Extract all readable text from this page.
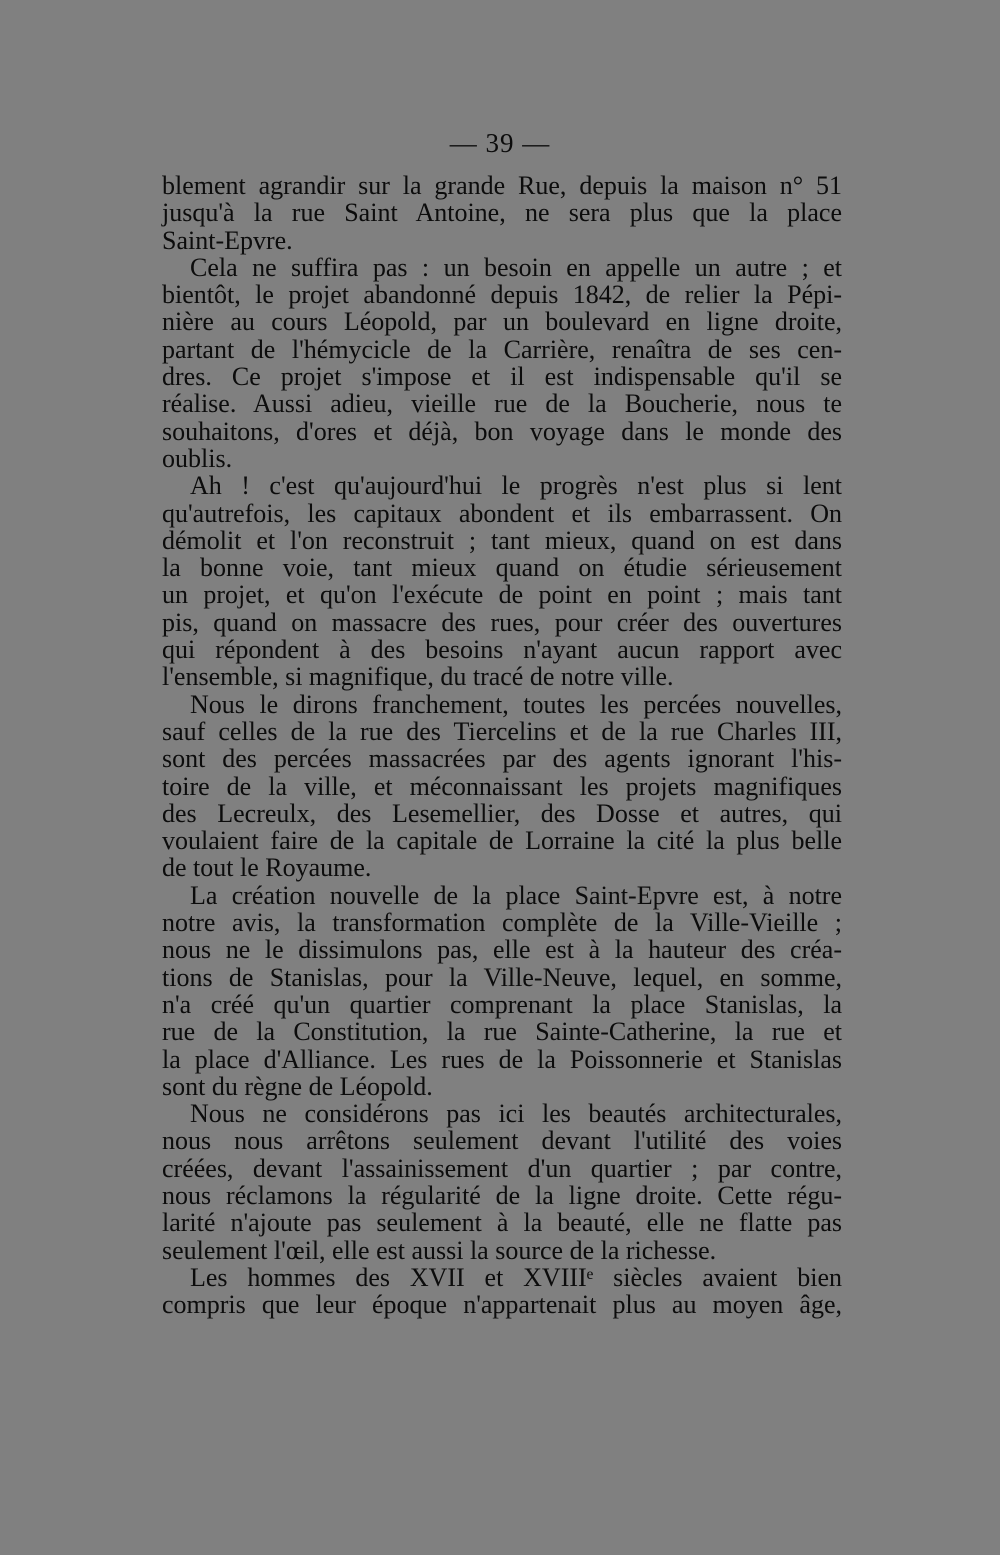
— 39 —
blement agrandir sur la grande Rue, depuis la maison n° 51
jusqu'à la rue Saint Antoine, ne sera plus que la place
Saint-Epvre.
Cela ne suffira pas : un besoin en appelle un autre ; et
bientôt, le projet abandonné depuis 1842, de relier la Pépi-
nière au cours Léopold, par un boulevard en ligne droite,
partant de l'hémycicle de la Carrière, renaîtra de ses cen-
dres. Ce projet s'impose et il est indispensable qu'il se
réalise. Aussi adieu, vieille rue de la Boucherie, nous te
souhaitons, d'ores et déjà, bon voyage dans le monde des
oublis.
Ah ! c'est qu'aujourd'hui le progrès n'est plus si lent
qu'autrefois, les capitaux abondent et ils embarrassent. On
démolit et l'on reconstruit ; tant mieux, quand on est dans
la bonne voie, tant mieux quand on étudie sérieusement
un projet, et qu'on l'exécute de point en point ; mais tant
pis, quand on massacre des rues, pour créer des ouvertures
qui répondent à des besoins n'ayant aucun rapport avec
l'ensemble, si magnifique, du tracé de notre ville.
Nous le dirons franchement, toutes les percées nouvelles,
sauf celles de la rue des Tiercelins et de la rue Charles III,
sont des percées massacrées par des agents ignorant l'his-
toire de la ville, et méconnaissant les projets magnifiques
des Lecreulx, des Lesemellier, des Dosse et autres, qui
voulaient faire de la capitale de Lorraine la cité la plus belle
de tout le Royaume.
La création nouvelle de la place Saint-Epvre est, à notre
notre avis, la transformation complète de la Ville-Vieille ;
nous ne le dissimulons pas, elle est à la hauteur des créa-
tions de Stanislas, pour la Ville-Neuve, lequel, en somme,
n'a créé qu'un quartier comprenant la place Stanislas, la
rue de la Constitution, la rue Sainte-Catherine, la rue et
la place d'Alliance. Les rues de la Poissonnerie et Stanislas
sont du règne de Léopold.
Nous ne considérons pas ici les beautés architecturales,
nous nous arrêtons seulement devant l'utilité des voies
créées, devant l'assainissement d'un quartier ; par contre,
nous réclamons la régularité de la ligne droite. Cette régu-
larité n'ajoute pas seulement à la beauté, elle ne flatte pas
seulement l'œil, elle est aussi la source de la richesse.
Les hommes des XVII et XVIIIᵉ siècles avaient bien
compris que leur époque n'appartenait plus au moyen âge,
